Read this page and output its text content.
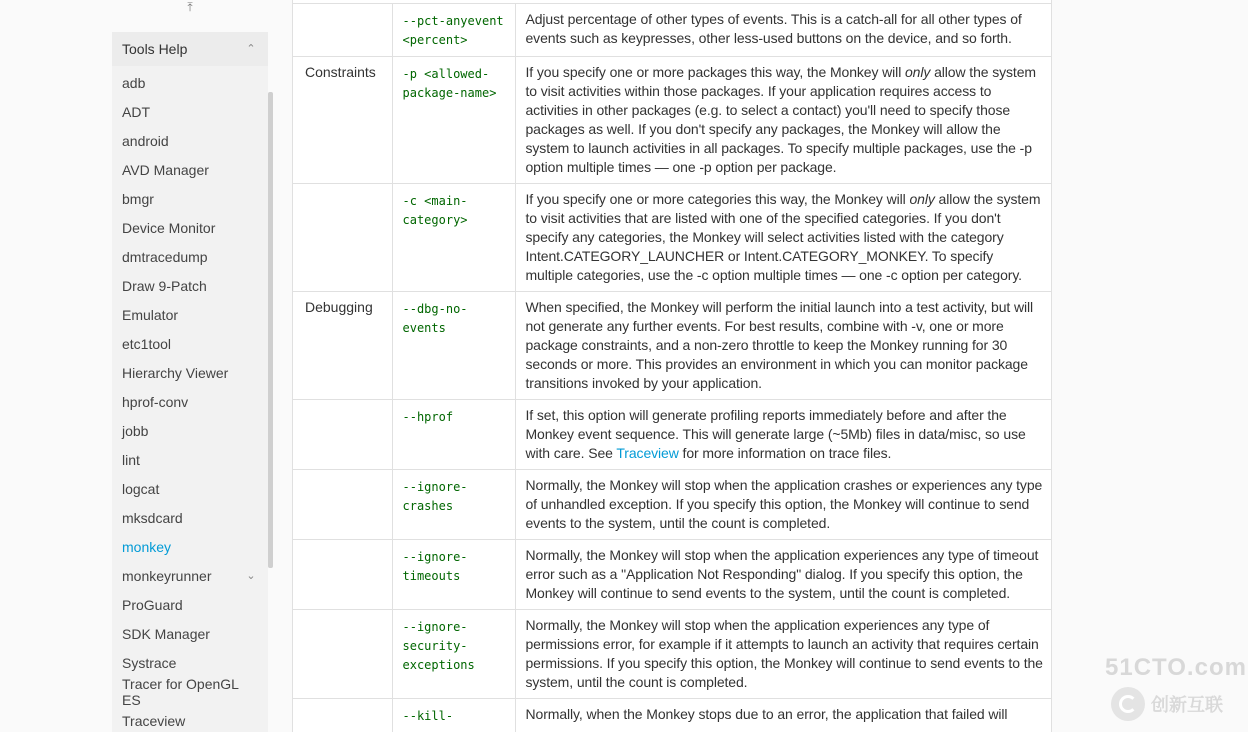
⤒
Tools Help	⌃
adb
ADT
android
AVD Manager
bmgr
Device Monitor
dmtracedump
Draw 9-Patch
Emulator
etc1tool
Hierarchy Viewer
hprof-conv
jobb
lint
logcat
mksdcard
monkey
monkeyrunner	⌄
ProGuard
SDK Manager
Systrace
Tracer for OpenGL ES
Traceview
	--pct-anyevent <percent>	Adjust percentage of other types of events. This is a catch-all for all other types of events such as keypresses, other less-used buttons on the device, and so forth.
Constraints	-p <allowed-package-name>	If you specify one or more packages this way, the Monkey will only allow the system to visit activities within those packages. If your application requires access to activities in other packages (e.g. to select a contact) you'll need to specify those packages as well. If you don't specify any packages, the Monkey will allow the system to launch activities in all packages. To specify multiple packages, use the -p option multiple times — one -p option per package.
	-c <main-category>	If you specify one or more categories this way, the Monkey will only allow the system to visit activities that are listed with one of the specified categories. If you don't specify any categories, the Monkey will select activities listed with the category Intent.CATEGORY_LAUNCHER or Intent.CATEGORY_MONKEY. To specify multiple categories, use the -c option multiple times — one -c option per category.
Debugging	--dbg-no-events	When specified, the Monkey will perform the initial launch into a test activity, but will not generate any further events. For best results, combine with -v, one or more package constraints, and a non-zero throttle to keep the Monkey running for 30 seconds or more. This provides an environment in which you can monitor package transitions invoked by your application.
	--hprof	If set, this option will generate profiling reports immediately before and after the Monkey event sequence. This will generate large (~5Mb) files in data/misc, so use with care. See Traceview for more information on trace files.
	--ignore-crashes	Normally, the Monkey will stop when the application crashes or experiences any type of unhandled exception. If you specify this option, the Monkey will continue to send events to the system, until the count is completed.
	--ignore-timeouts	Normally, the Monkey will stop when the application experiences any type of timeout error such as a "Application Not Responding" dialog. If you specify this option, the Monkey will continue to send events to the system, until the count is completed.
	--ignore-security-exceptions	Normally, the Monkey will stop when the application experiences any type of permissions error, for example if it attempts to launch an activity that requires certain permissions. If you specify this option, the Monkey will continue to send events to the system, until the count is completed.
	--kill-	Normally, when the Monkey stops due to an error, the application that failed will
51CTO.com
创新互联
